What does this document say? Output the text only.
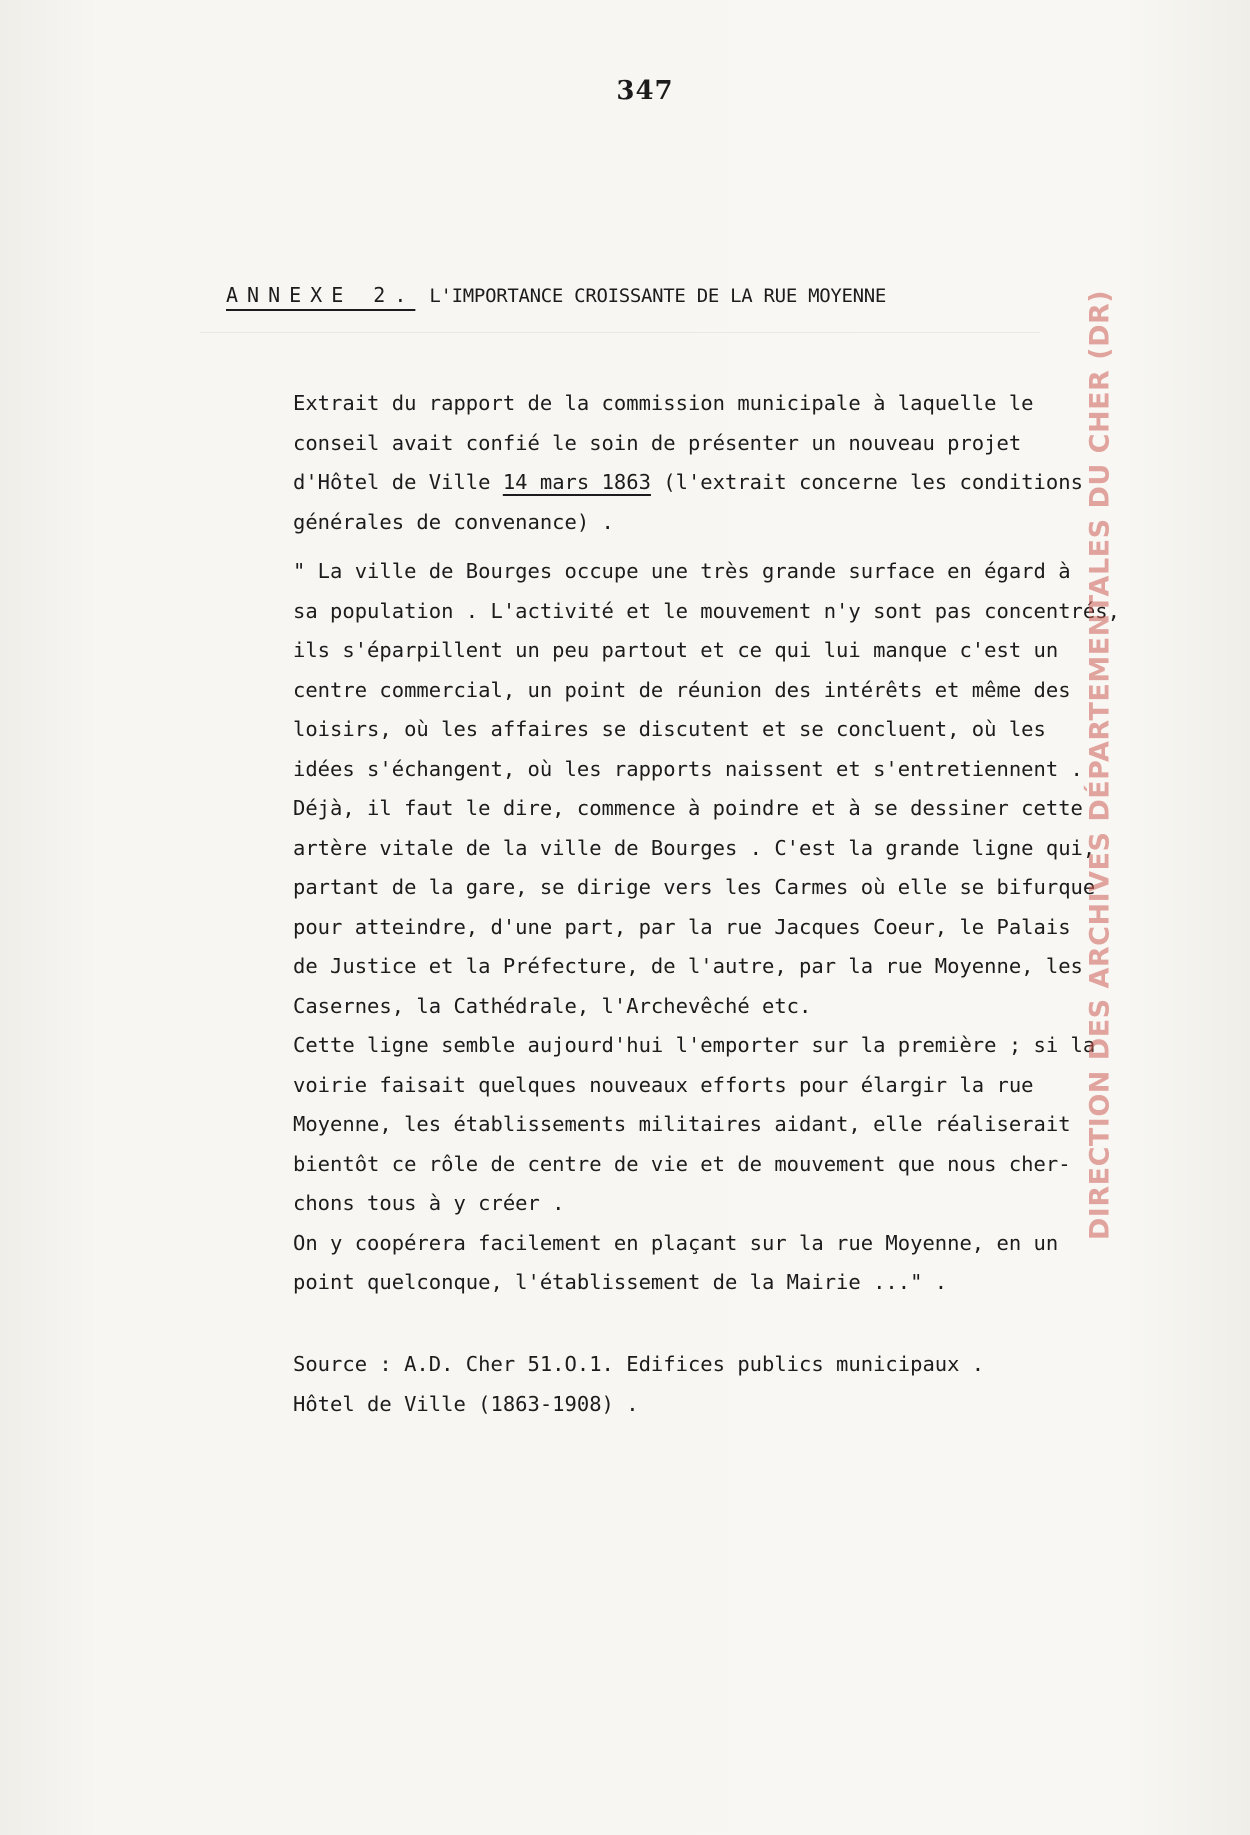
347
ANNEXE 2. L'IMPORTANCE CROISSANTE DE LA RUE MOYENNE
Extrait du rapport de la commission municipale à laquelle le
conseil avait confié le soin de présenter un nouveau projet
d'Hôtel de Ville 14 mars 1863 (l'extrait concerne les conditions
générales de convenance) .
" La ville de Bourges occupe une très grande surface en égard à
sa population . L'activité et le mouvement n'y sont pas concentrés,
ils s'éparpillent un peu partout et ce qui lui manque c'est un
centre commercial, un point de réunion des intérêts et même des
loisirs, où les affaires se discutent et se concluent, où les
idées s'échangent, où les rapports naissent et s'entretiennent .
Déjà, il faut le dire, commence à poindre et à se dessiner cette
artère vitale de la ville de Bourges . C'est la grande ligne qui,
partant de la gare, se dirige vers les Carmes où elle se bifurque
pour atteindre, d'une part, par la rue Jacques Coeur, le Palais
de Justice et la Préfecture, de l'autre, par la rue Moyenne, les
Casernes, la Cathédrale, l'Archevêché etc.
Cette ligne semble aujourd'hui l'emporter sur la première ; si la
voirie faisait quelques nouveaux efforts pour élargir la rue
Moyenne, les établissements militaires aidant, elle réaliserait
bientôt ce rôle de centre de vie et de mouvement que nous cher-
chons tous à y créer .
On y coopérera facilement en plaçant sur la rue Moyenne, en un
point quelconque, l'établissement de la Mairie ..." .
Source : A.D. Cher 51.O.1. Edifices publics municipaux .
Hôtel de Ville (1863-1908) .
DIRECTION DES ARCHIVES DÉPARTEMENTALES DU CHER (DR)
